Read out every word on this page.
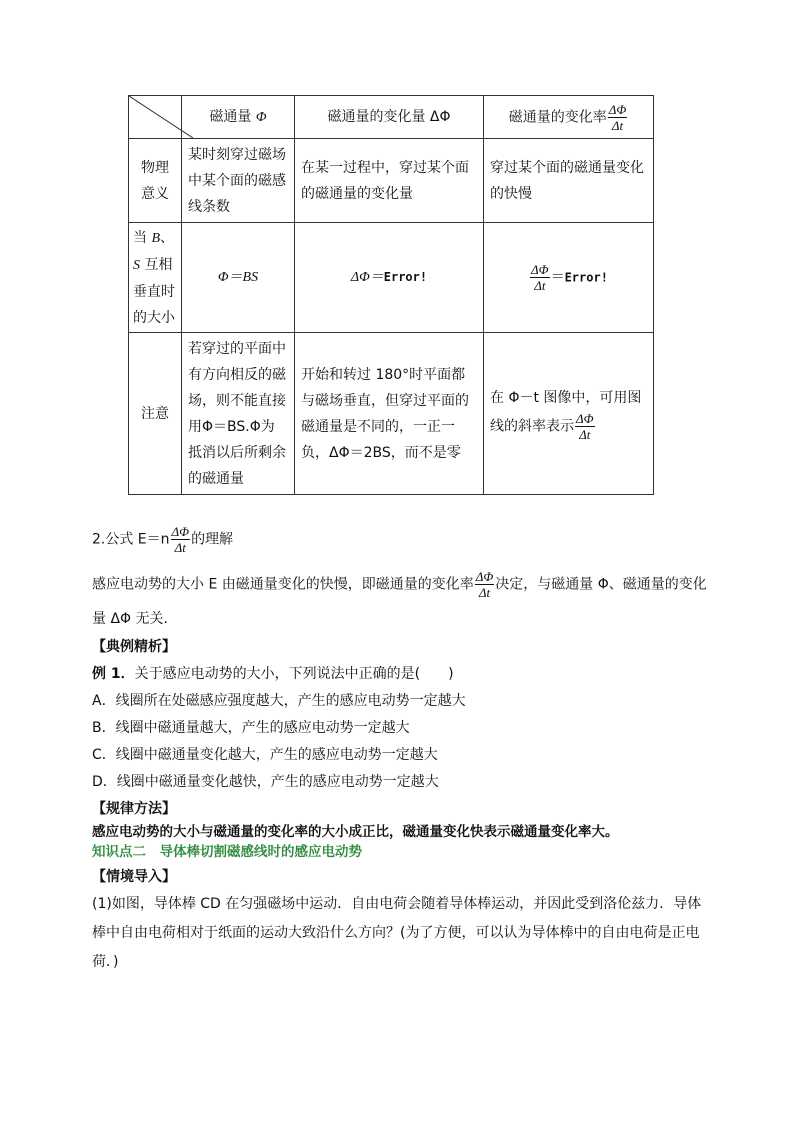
	磁通量 Φ	磁通量的变化量 ΔΦ	磁通量的变化率 $\frac{\Delta\Phi}{\Delta t}$

物理意义	某时刻穿过磁场中某个面的磁感线条数	在某一过程中，穿过某个面的磁通量的变化量	穿过某个面的磁通量变化的快慢

当 B、S 互相垂直时的大小	Φ＝BS	ΔΦ＝Error!	$\frac{\Delta\Phi}{\Delta t}$ ＝Error!
注意	若穿过的平面中有方向相反的磁场，则不能直接用Φ＝BS.Φ为抵消以后所剩余的磁通量	开始和转过 180°时平面都与磁场垂直，但穿过平面的磁通量是不同的，一正一负，ΔΦ＝2BS，而不是零	在 Φ－t 图像中，可用图线的斜率表示 $\frac{\Delta\Phi}{\Delta t}$
2.公式 $E=n \frac{\Delta\Phi}{\Delta t}$ 的理解
感应电动势的大小 E 由磁通量变化的快慢，即磁通量的变化率 $\frac{\Delta\Phi}{\Delta t}$ 决定，与磁通量 Φ、磁通量的变化
量 ΔΦ 无关．
【典例精析】
例 1．关于感应电动势的大小，下列说法中正确的是(　　)
A．线圈所在处磁感应强度越大，产生的感应电动势一定越大
B．线圈中磁通量越大，产生的感应电动势一定越大
C．线圈中磁通量变化越大，产生的感应电动势一定越大
D．线圈中磁通量变化越快，产生的感应电动势一定越大
【规律方法】
感应电动势的大小与磁通量的变化率的大小成正比，磁通量变化快表示磁通量变化率大。
知识点二　导体棒切割磁感线时的感应电动势
【情境导入】
(1)如图，导体棒 CD 在匀强磁场中运动．自由电荷会随着导体棒运动，并因此受到洛伦兹力．导体
棒中自由电荷相对于纸面的运动大致沿什么方向？(为了方便，可以认为导体棒中的自由电荷是正电
荷．)
